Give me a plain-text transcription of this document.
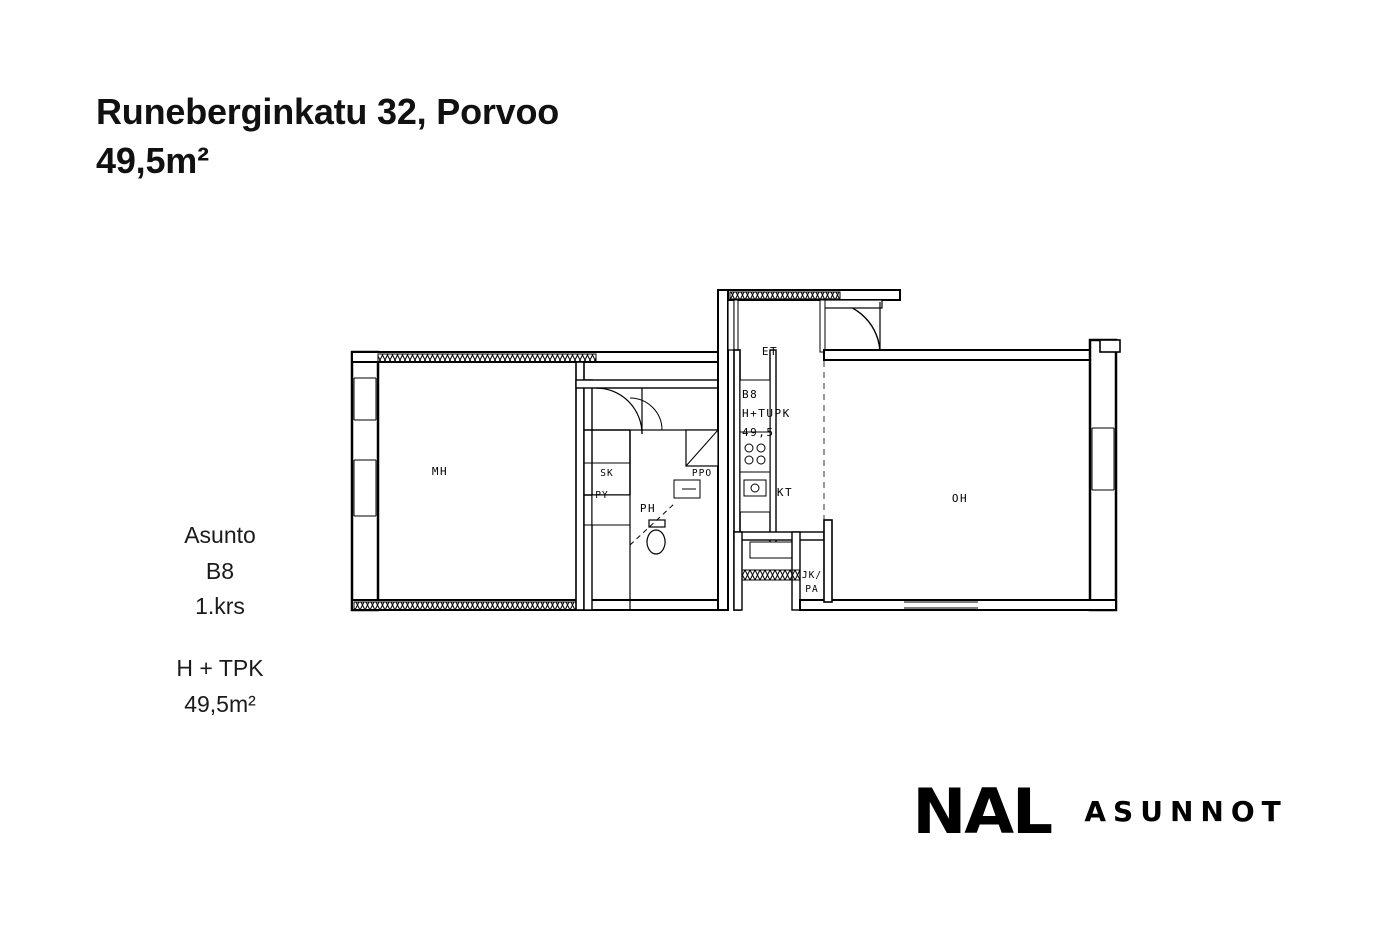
Runeberginkatu 32, Porvoo
49,5m²
Asunto
B8
1.krs
H + TPK
49,5m²
NAL ASUNNOT
MH
PH
SK
PY	KT	OH
ET
PPO
JK/
PA
B8
H+TUPK
49,5
